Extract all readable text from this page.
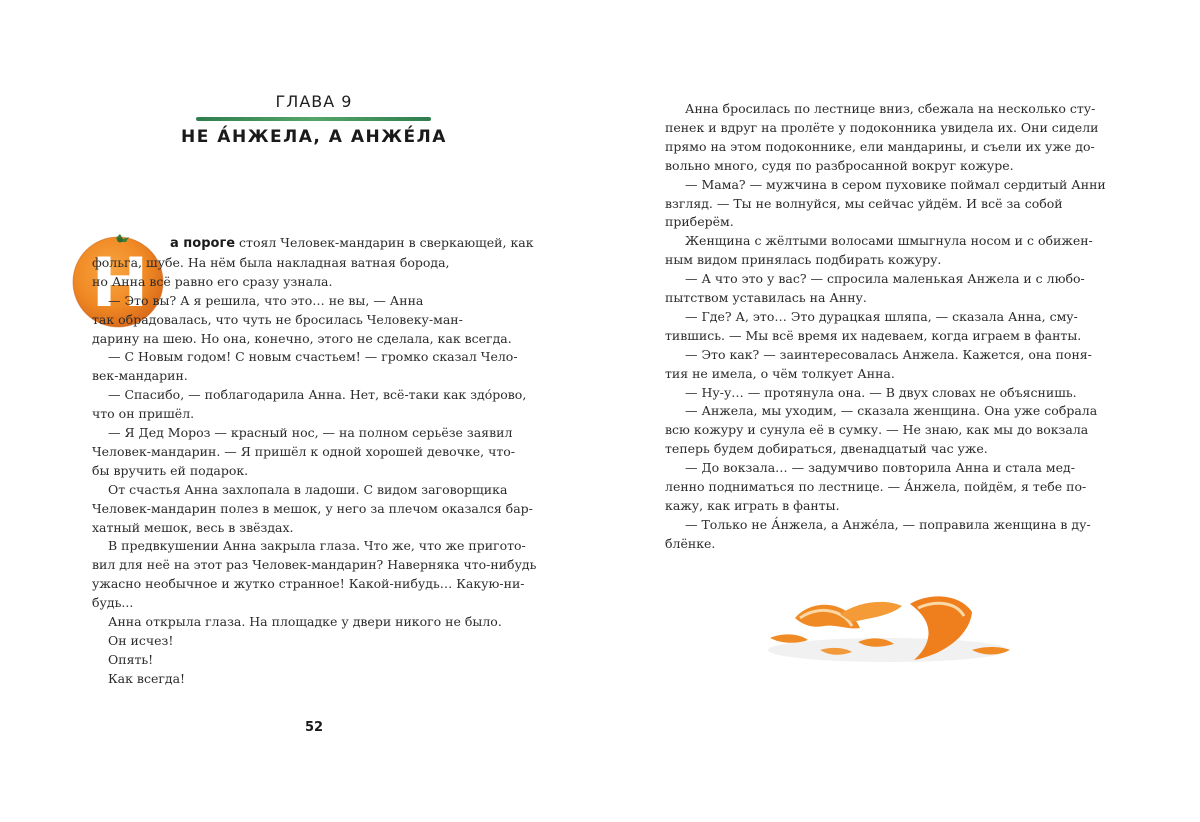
ГЛАВА 9
НЕ А́НЖЕЛА, А АНЖЕ́ЛА
Н
а пороге стоял Человек-мандарин в сверкающей, как
фольга, шубе. На нём была накладная ватная борода,
но Анна всё равно его сразу узнала.
— Это вы? А я решила, что это… не вы, — Анна
так обрадовалась, что чуть не бросилась Человеку-ман-
дарину на шею. Но она, конечно, этого не сделала, как всегда.
— С Новым годом! С новым счастьем! — громко сказал Чело-
век-мандарин.
— Спасибо, — поблагодарила Анна. Нет, всё-таки как здо́рово,
что он пришёл.
— Я Дед Мороз — красный нос, — на полном серьёзе заявил
Человек-мандарин. — Я пришёл к одной хорошей девочке, что-
бы вручить ей подарок.
От счастья Анна захлопала в ладоши. С видом заговорщика
Человек-мандарин полез в мешок, у него за плечом оказался бар-
хатный мешок, весь в звёздах.
В предвкушении Анна закрыла глаза. Что же, что же пригото-
вил для неё на этот раз Человек-мандарин? Наверняка что-нибудь
ужасно необычное и жутко странное! Какой-нибудь… Какую-ни-
будь...
Анна открыла глаза. На площадке у двери никого не было.
Он исчез!
Опять!
Как всегда!
52
Анна бросилась по лестнице вниз, сбежала на несколько сту-
пенек и вдруг на пролёте у подоконника увидела их. Они сидели
прямо на этом подоконнике, ели мандарины, и съели их уже до-
вольно много, судя по разбросанной вокруг кожуре.
— Мама? — мужчина в сером пуховике поймал сердитый Анни
взгляд. — Ты не волнуйся, мы сейчас уйдём. И всё за собой
приберём.
Женщина с жёлтыми волосами шмыгнула носом и с обижен-
ным видом принялась подбирать кожуру.
— А что это у вас? — спросила маленькая Анжела и с любо-
пытством уставилась на Анну.
— Где? А, это… Это дурацкая шляпа, — сказала Анна, сму-
тившись. — Мы всё время их надеваем, когда играем в фанты.
— Это как? — заинтересовалась Анжела. Кажется, она поня-
тия не имела, о чём толкует Анна.
— Ну-у… — протянула она. — В двух словах не объяснишь.
— Анжела, мы уходим, — сказала женщина. Она уже собрала
всю кожуру и сунула её в сумку. — Не знаю, как мы до вокзала
теперь будем добираться, двенадцатый час уже.
— До вокзала… — задумчиво повторила Анна и стала мед-
ленно подниматься по лестнице. — А́нжела, пойдём, я тебе по-
кажу, как играть в фанты.
— Только не А́нжела, а Анже́ла, — поправила женщина в ду-
блёнке.
